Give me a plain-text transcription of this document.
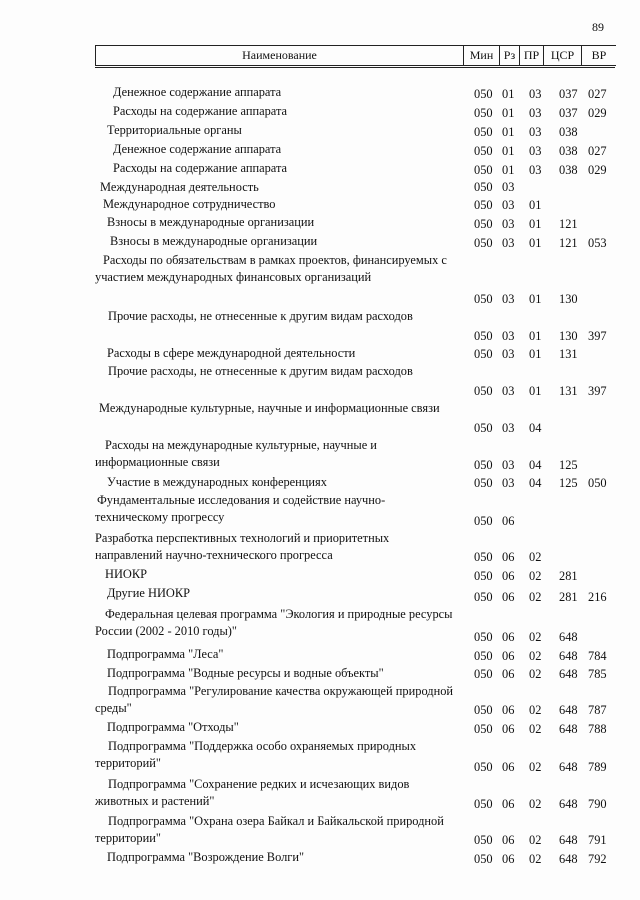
89
Наименование	Мин Рз ПР ЦСР	ВР
Денежное содержание аппарата	050 01 03 037 027
Расходы на содержание аппарата	050 01 03 037 029
Территориальные органы	050 01 03 038
Денежное содержание аппарата	050 01 03 038 027
Расходы на содержание аппарата	050 01 03 038 029
Международная деятельность	050 03
Международное сотрудничество	050 03 01
Взносы в международные организации	050 03 01 121
Взносы в международные организации	050 03 01 121 053
Расходы по обязательствам в рамках проектов, финансируемых с участием международных финансовых организаций
050 03 01 130
Прочие расходы, не отнесенные к другим видам расходов
050 03 01 130 397
Расходы в сфере международной деятельности	050 03 01 131
Прочие расходы, не отнесенные к другим видам расходов
050 03 01 131 397
Международные культурные, научные и информационные связи
050 03 04
Расходы на международные культурные, научные и информационные связи	050 03 04 125
Участие в международных конференциях	050 03 04 125 050
Фундаментальные исследования и содействие научно-техническому прогрессу	050 06
Разработка перспективных технологий и приоритетных направлений научно-технического прогресса	050 06 02
НИОКР	050 06 02 281
Другие НИОКР	050 06 02 281 216
Федеральная целевая программа "Экология и природные ресурсы России (2002 - 2010 годы)"	050 06 02 648
Подпрограмма "Леса"	050 06 02 648 784
Подпрограмма "Водные ресурсы и водные объекты"	050 06 02 648 785
Подпрограмма "Регулирование качества окружающей природной среды"	050 06 02 648 787
Подпрограмма "Отходы"	050 06 02 648 788
Подпрограмма "Поддержка особо охраняемых природных территорий"	050 06 02 648 789
Подпрограмма "Сохранение редких и исчезающих видов животных и растений"	050 06 02 648 790
Подпрограмма "Охрана озера Байкал и Байкальской природной территории"	050 06 02 648 791
Подпрограмма "Возрождение Волги"	050 06 02 648 792
